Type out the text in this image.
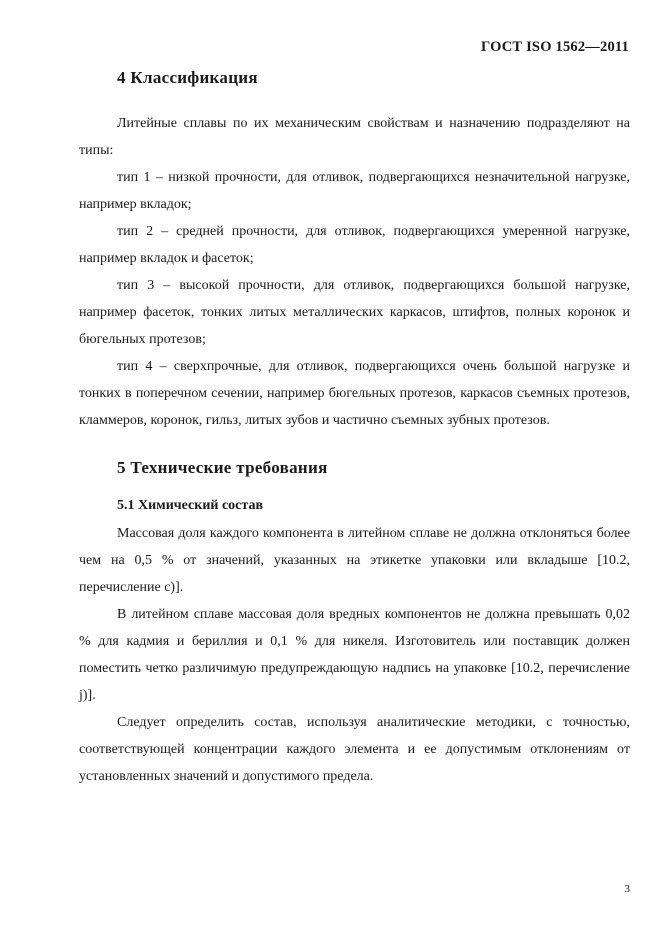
ГОСТ ISO 1562—2011
4 Классификация

Литейные сплавы по их механическим свойствам и назначению подразделяют на типы:

тип 1 – низкой прочности, для отливок, подвергающихся незначительной нагрузке, например вкладок;

тип 2 – средней прочности, для отливок, подвергающихся умеренной нагрузке, например вкладок и фасеток;

тип 3 – высокой прочности, для отливок, подвергающихся большой нагрузке, например фасеток, тонких литых металлических каркасов, штифтов, полных коронок и бюгельных протезов;

тип 4 – сверхпрочные, для отливок, подвергающихся очень большой нагрузке и тонких в поперечном сечении, например бюгельных протезов, каркасов съемных протезов, кламмеров, коронок, гильз, литых зубов и частично съемных зубных протезов.

5 Технические требования
5.1 Химический состав

Массовая доля каждого компонента в литейном сплаве не должна отклоняться более чем на 0,5 % от значений, указанных на этикетке упаковки или вкладыше [10.2, перечисление с)].

В литейном сплаве массовая доля вредных компонентов не должна превышать 0,02 % для кадмия и бериллия и 0,1 % для никеля. Изготовитель или поставщик должен поместить четко различимую предупреждающую надпись на упаковке [10.2, перечисление j)].

Следует определить состав, используя аналитические методики, с точностью, соответствующей концентрации каждого элемента и ее допустимым отклонениям от установленных значений и допустимого предела.

3
